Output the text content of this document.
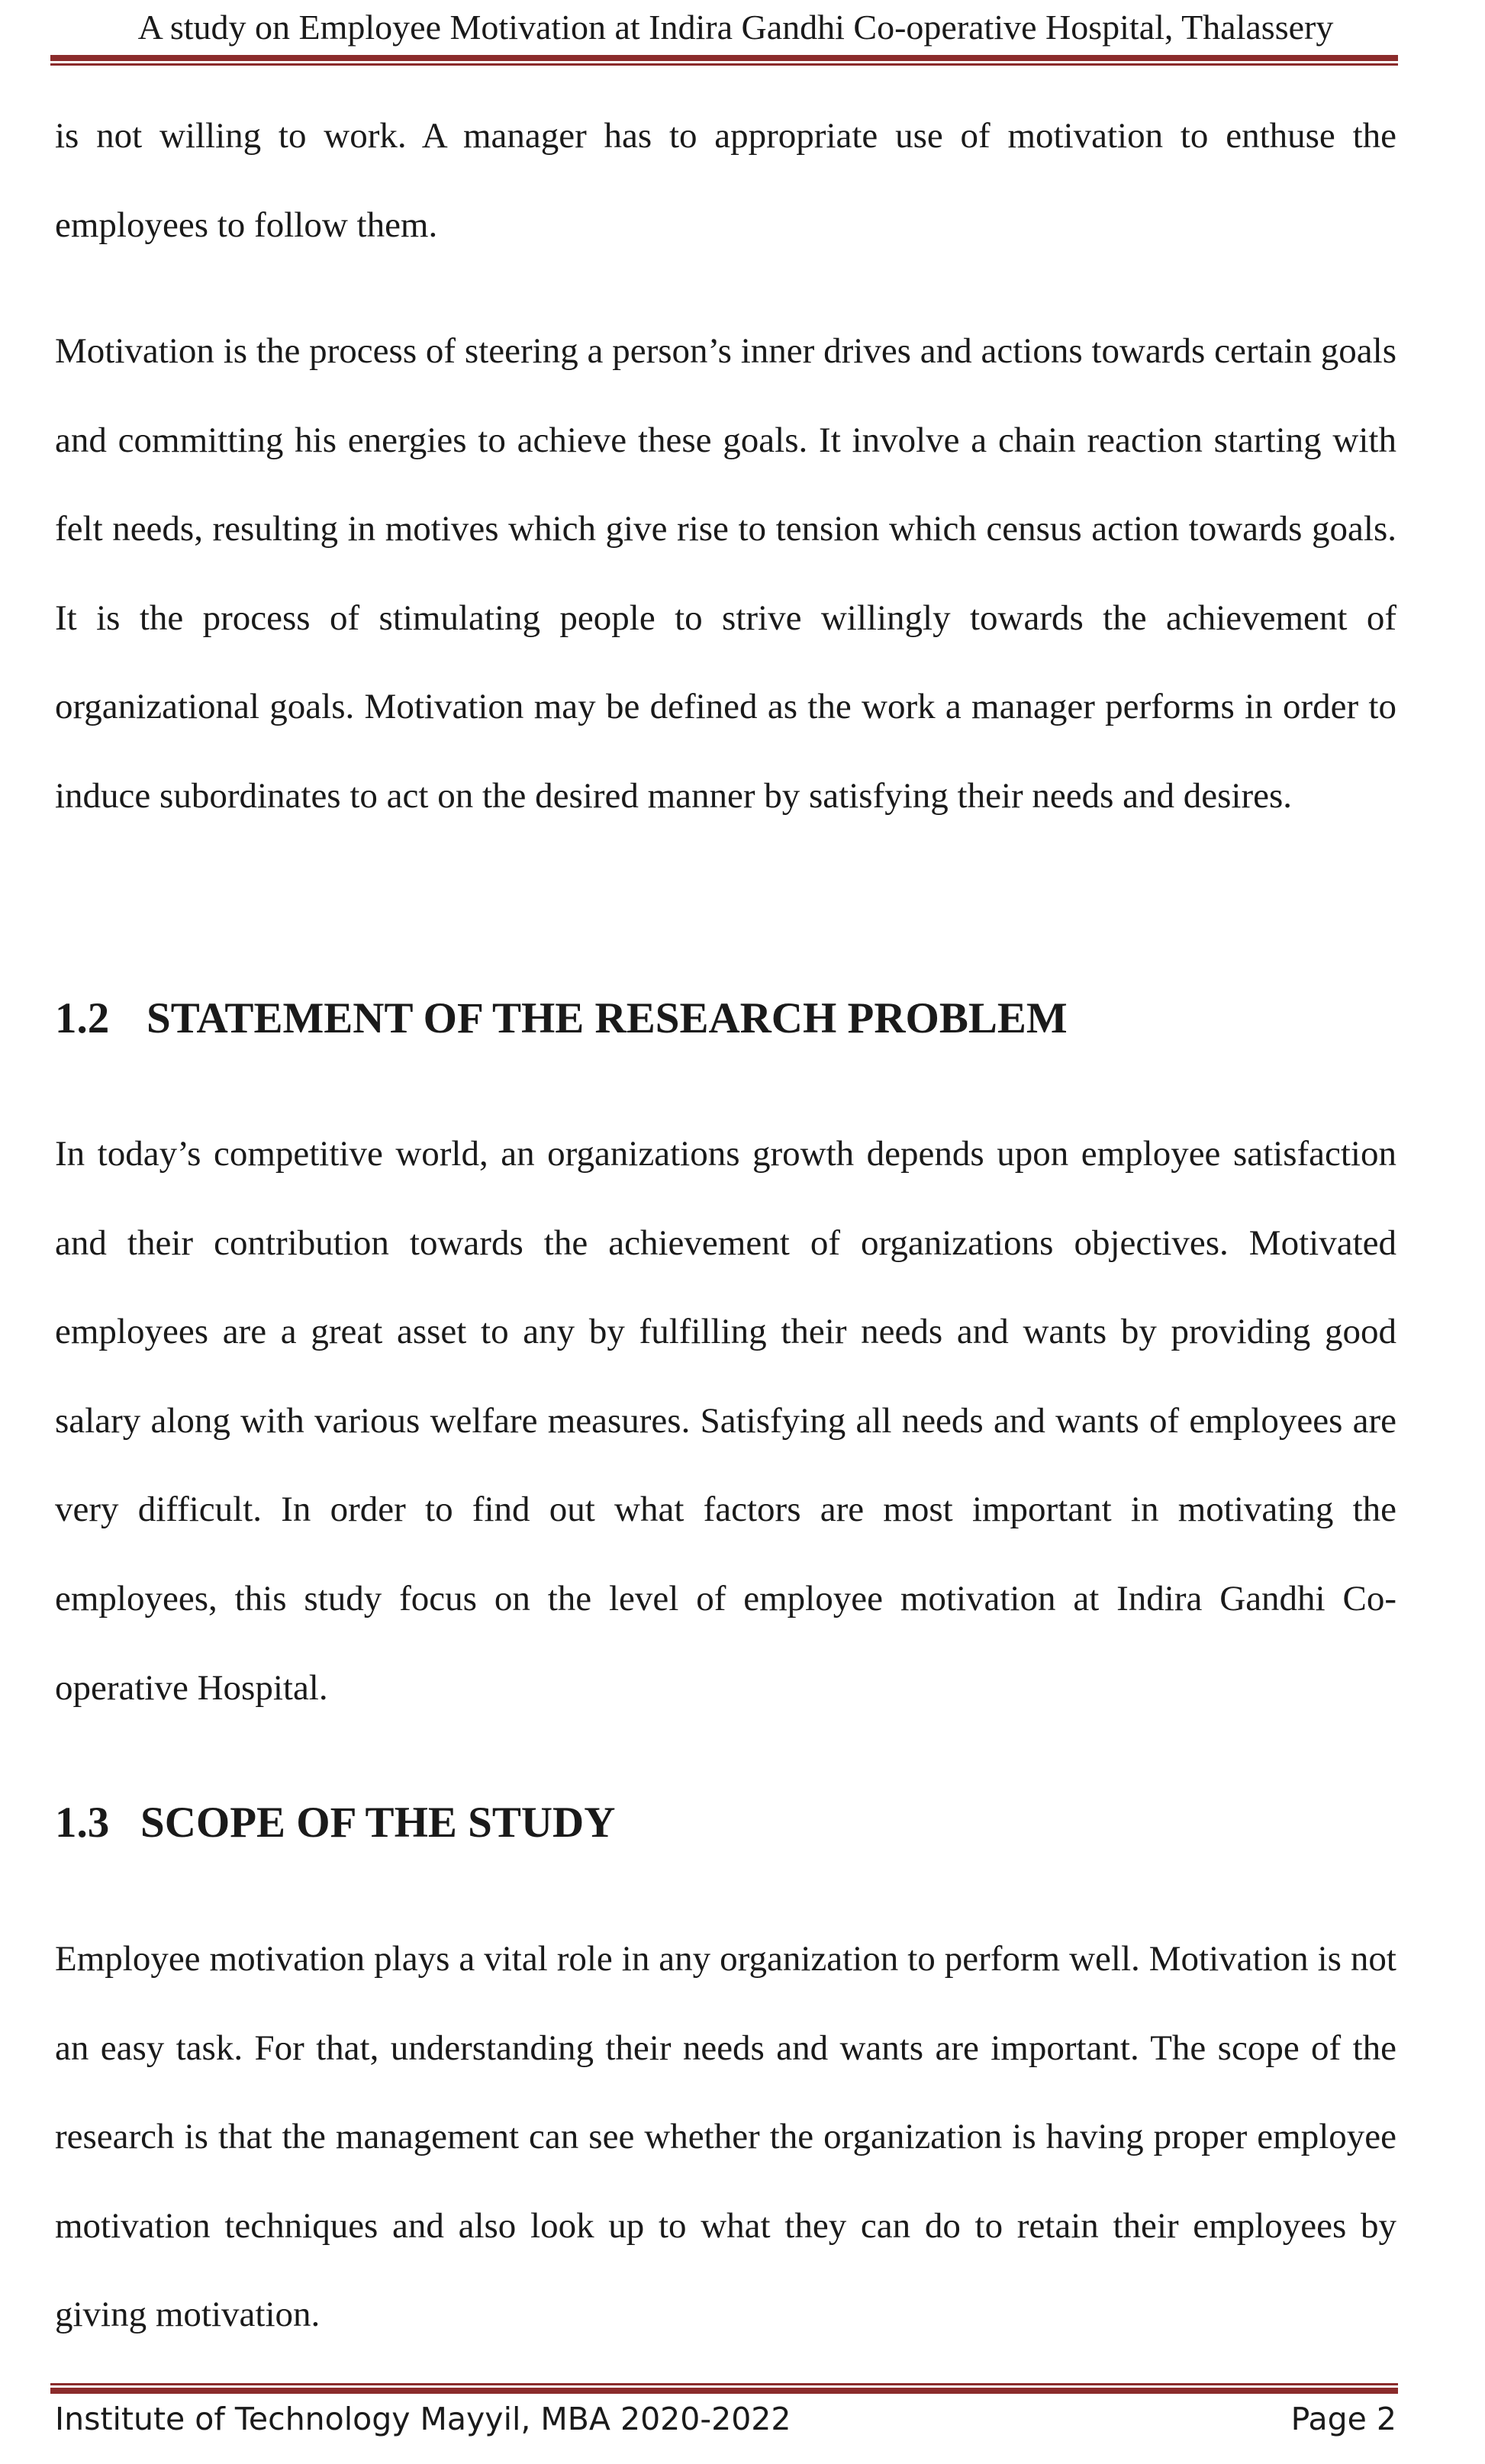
A study on Employee Motivation at Indira Gandhi Co-operative Hospital, Thalassery

is not willing to work. A manager has to appropriate use of motivation to enthuse the employees to follow them.

Motivation is the process of steering a person’s inner drives and actions towards certain goals and committing his energies to achieve these goals. It involve a chain reaction starting with felt needs, resulting in motives which give rise to tension which census action towards goals. It is the process of stimulating people to strive willingly towards the achievement of organizational goals. Motivation may be defined as the work a manager performs in order to induce subordinates to act on the desired manner by satisfying their needs and desires.

1.2 STATEMENT OF THE RESEARCH PROBLEM

In today’s competitive world, an organizations growth depends upon employee satisfaction and their contribution towards the achievement of organizations objectives. Motivated employees are a great asset to any by fulfilling their needs and wants by providing good salary along with various welfare measures. Satisfying all needs and wants of employees are very difficult. In order to find out what factors are most important in motivating the employees, this study focus on the level of employee motivation at Indira Gandhi Co-operative Hospital.

1.3 SCOPE OF THE STUDY

Employee motivation plays a vital role in any organization to perform well. Motivation is not an easy task. For that, understanding their needs and wants are important. The scope of the research is that the management can see whether the organization is having proper employee motivation techniques and also look up to what they can do to retain their employees by giving motivation.

Institute of Technology Mayyil, MBA 2020-2022	Page 2
